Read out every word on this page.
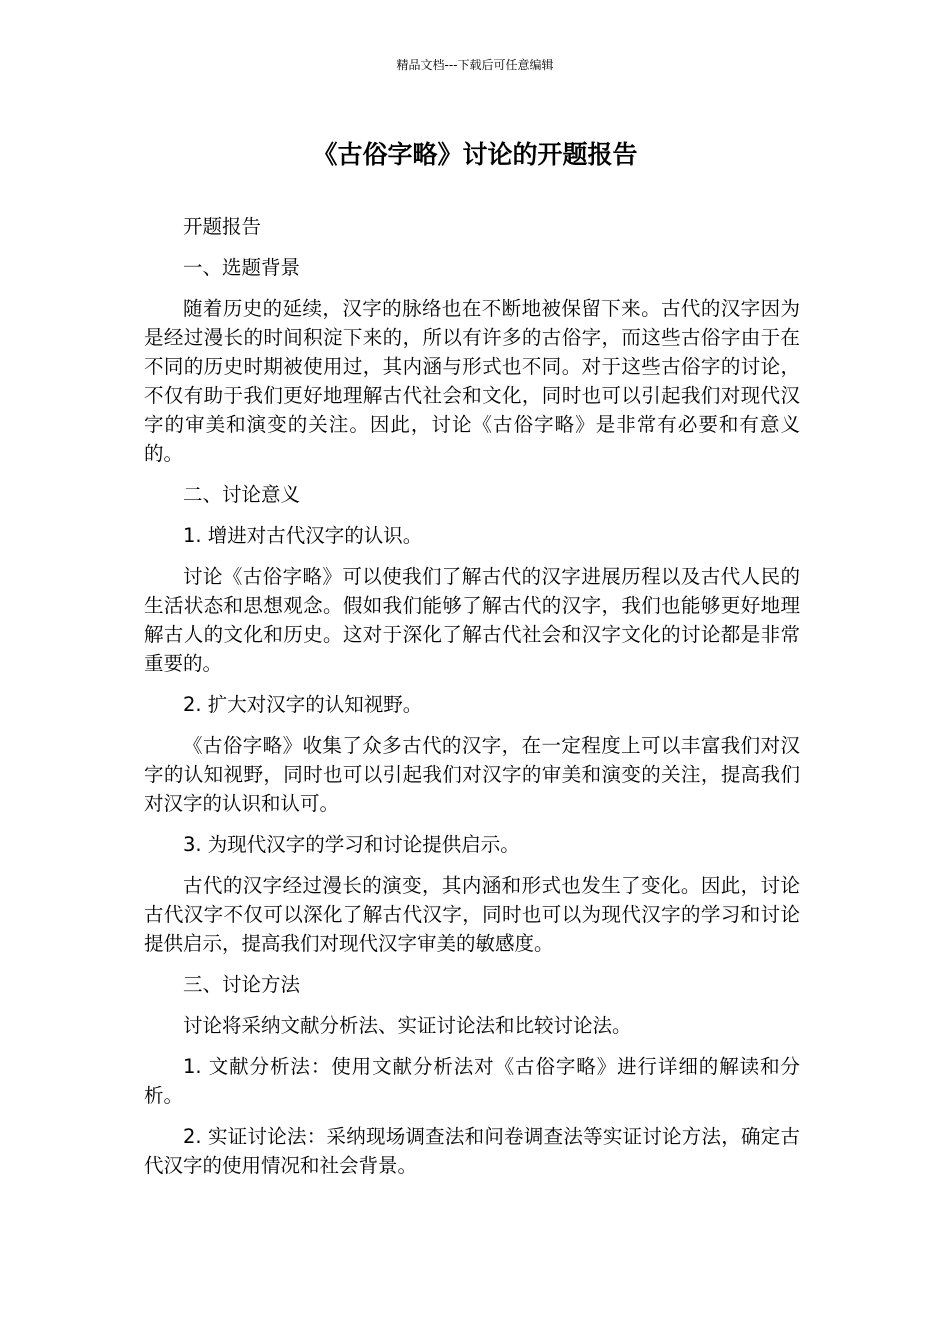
精品文档---下载后可任意编辑
《古俗字略》讨论的开题报告

开题报告

一、选题背景

随着历史的延续，汉字的脉络也在不断地被保留下来。古代的汉字因为是经过漫长的时间积淀下来的，所以有许多的古俗字，而这些古俗字由于在不同的历史时期被使用过，其内涵与形式也不同。对于这些古俗字的讨论，不仅有助于我们更好地理解古代社会和文化，同时也可以引起我们对现代汉字的审美和演变的关注。因此，讨论《古俗字略》是非常有必要和有意义的。

二、讨论意义

1. 增进对古代汉字的认识。

讨论《古俗字略》可以使我们了解古代的汉字进展历程以及古代人民的生活状态和思想观念。假如我们能够了解古代的汉字，我们也能够更好地理解古人的文化和历史。这对于深化了解古代社会和汉字文化的讨论都是非常重要的。

2. 扩大对汉字的认知视野。

《古俗字略》收集了众多古代的汉字，在一定程度上可以丰富我们对汉字的认知视野，同时也可以引起我们对汉字的审美和演变的关注，提高我们对汉字的认识和认可。

3. 为现代汉字的学习和讨论提供启示。

古代的汉字经过漫长的演变，其内涵和形式也发生了变化。因此，讨论古代汉字不仅可以深化了解古代汉字，同时也可以为现代汉字的学习和讨论提供启示，提高我们对现代汉字审美的敏感度。

三、讨论方法

讨论将采纳文献分析法、实证讨论法和比较讨论法。

1. 文献分析法：使用文献分析法对《古俗字略》进行详细的解读和分析。

2. 实证讨论法：采纳现场调查法和问卷调查法等实证讨论方法，确定古代汉字的使用情况和社会背景。
